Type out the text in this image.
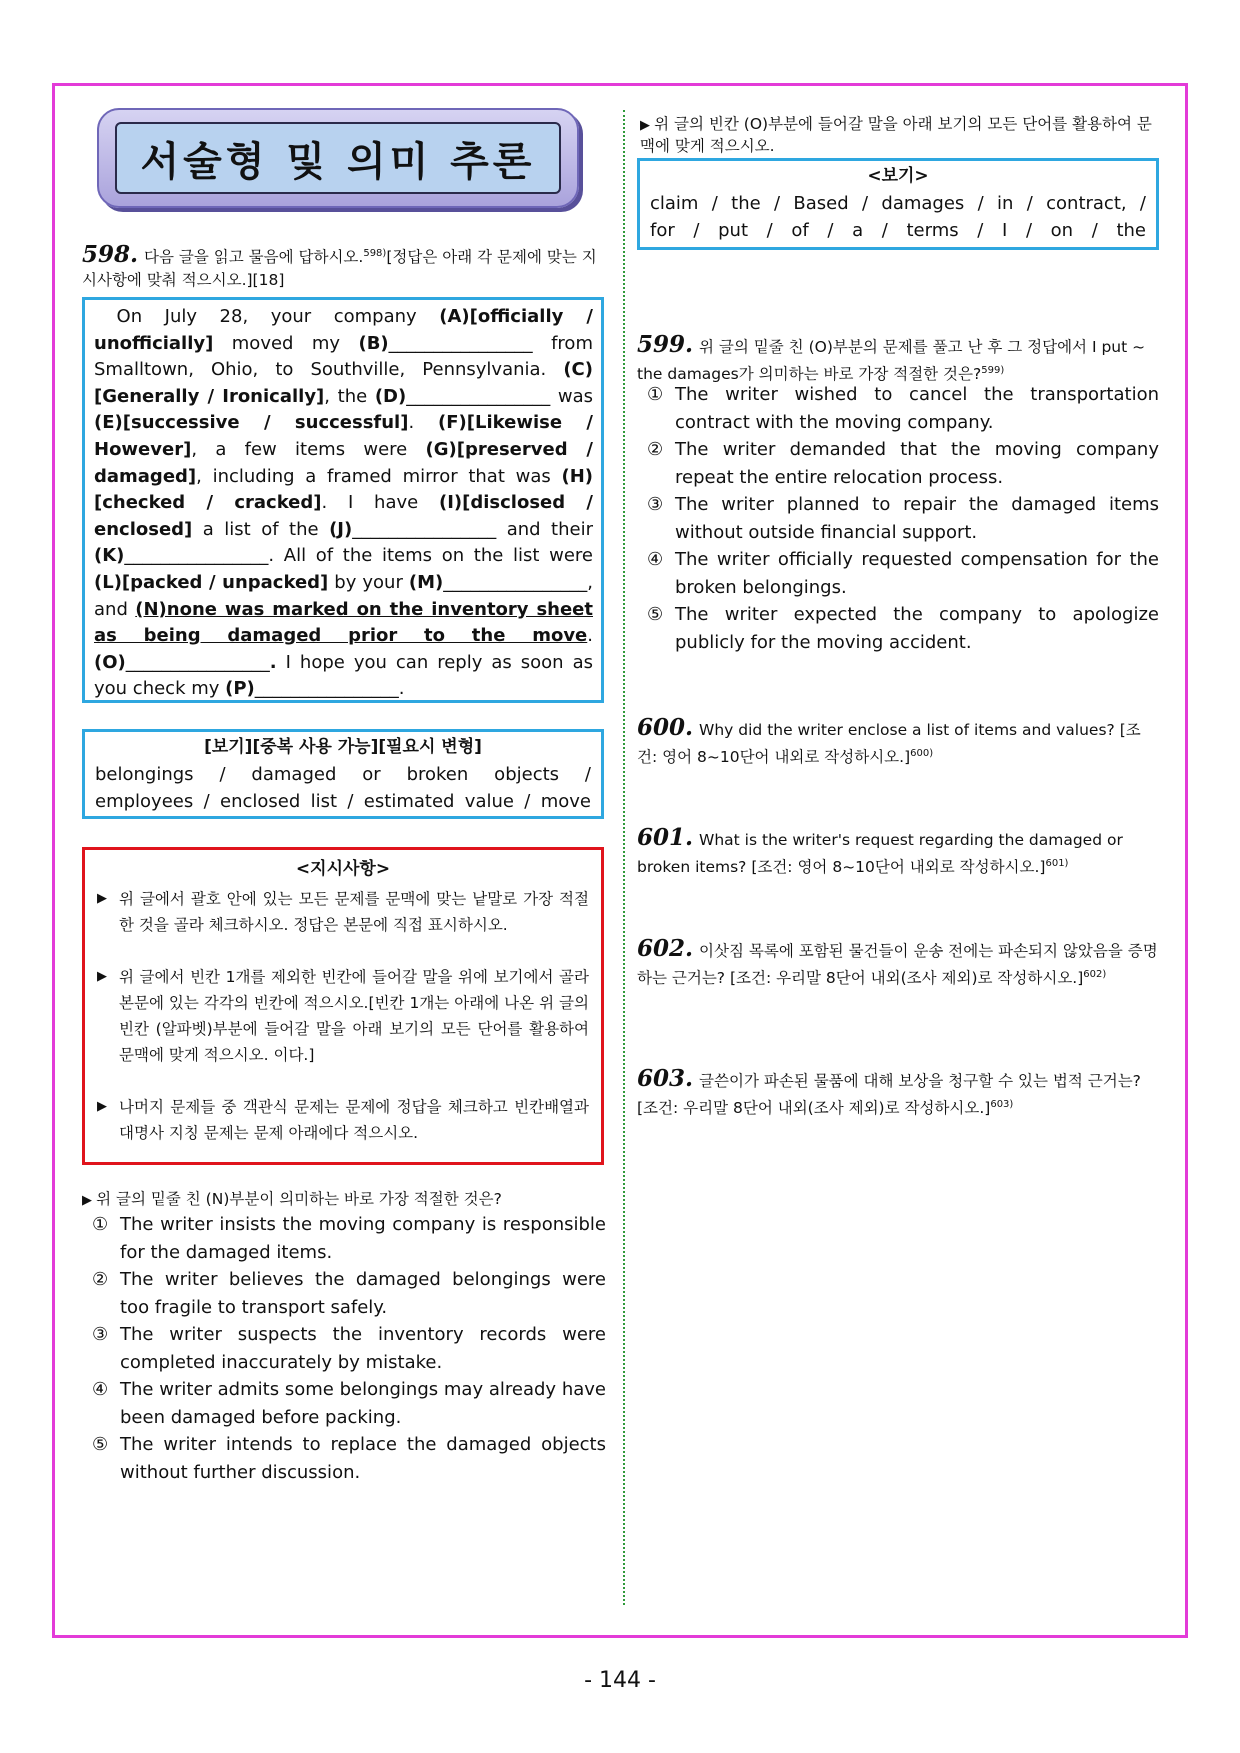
서술형 및 의미 추론
598. 다음 글을 읽고 물음에 답하시오.$^{598)}$[정답은 아래 각 문제에 맞는 지시사항에 맞춰 적으시오.][18]

On July 28, your company (A)[officially / unofficially] moved my (B)________________ from Smalltown, Ohio, to Southville, Pennsylvania. (C)[Generally / Ironically], the (D)________________ was (E)[successive / successful]. (F)[Likewise / However], a few items were (G)[preserved / damaged], including a framed mirror that was (H)[checked / cracked]. I have (I)[disclosed / enclosed] a list of the (J)________________ and their (K)________________. All of the items on the list were (L)[packed / unpacked] by your (M)________________, and (N)none was marked on the inventory sheet as being damaged prior to the move. (O)________________. I hope you can reply as soon as you check my (P)________________.

[보기][중복 사용 가능][필요시 변형]
belongings / damaged or broken objects /
employees / enclosed list / estimated value / move
<지시사항>
▶ 위 글에서 괄호 안에 있는 모든 문제를 문맥에 맞는 낱말로 가장 적절한 것을 골라 체크하시오. 정답은 본문에 직접 표시하시오.
▶ 위 글에서 빈칸 1개를 제외한 빈칸에 들어갈 말을 위에 보기에서 골라 본문에 있는 각각의 빈칸에 적으시오.[빈칸 1개는 아래에 나온 위 글의 빈칸 (알파벳)부분에 들어갈 말을 아래 보기의 모든 단어를 활용하여 문맥에 맞게 적으시오. 이다.]
▶ 나머지 문제들 중 객관식 문제는 문제에 정답을 체크하고 빈칸배열과 대명사 지칭 문제는 문제 아래에다 적으시오.
▶ 위 글의 밑줄 친 (N)부분이 의미하는 바로 가장 적절한 것은?
① The writer insists the moving company is responsible for the damaged items.
② The writer believes the damaged belongings were too fragile to transport safely.
③ The writer suspects the inventory records were completed inaccurately by mistake.
④ The writer admits some belongings may already have been damaged before packing.
⑤ The writer intends to replace the damaged objects without further discussion.
▶ 위 글의 빈칸 (O)부분에 들어갈 말을 아래 보기의 모든 단어를 활용하여 문맥에 맞게 적으시오.
<보기>
claim / the / Based / damages / in / contract, /
for / put / of / a / terms / I / on / the
599. 위 글의 밑줄 친 (O)부분의 문제를 풀고 난 후 그 정답에서 I put ~ the damages가 의미하는 바로 가장 적절한 것은?$^{599)}$
① The writer wished to cancel the transportation contract with the moving company.
② The writer demanded that the moving company repeat the entire relocation process.
③ The writer planned to repair the damaged items without outside financial support.
④ The writer officially requested compensation for the broken belongings.
⑤ The writer expected the company to apologize publicly for the moving accident.
600. Why did the writer enclose a list of items and values? [조건: 영어 8~10단어 내외로 작성하시오.]$^{600)}$
601. What is the writer's request regarding the damaged or broken items? [조건: 영어 8~10단어 내외로 작성하시오.]$^{601)}$
602. 이삿짐 목록에 포함된 물건들이 운송 전에는 파손되지 않았음을 증명하는 근거는? [조건: 우리말 8단어 내외(조사 제외)로 작성하시오.]$^{602)}$
603. 글쓴이가 파손된 물품에 대해 보상을 청구할 수 있는 법적 근거는? [조건: 우리말 8단어 내외(조사 제외)로 작성하시오.]$^{603)}$
- 144 -
